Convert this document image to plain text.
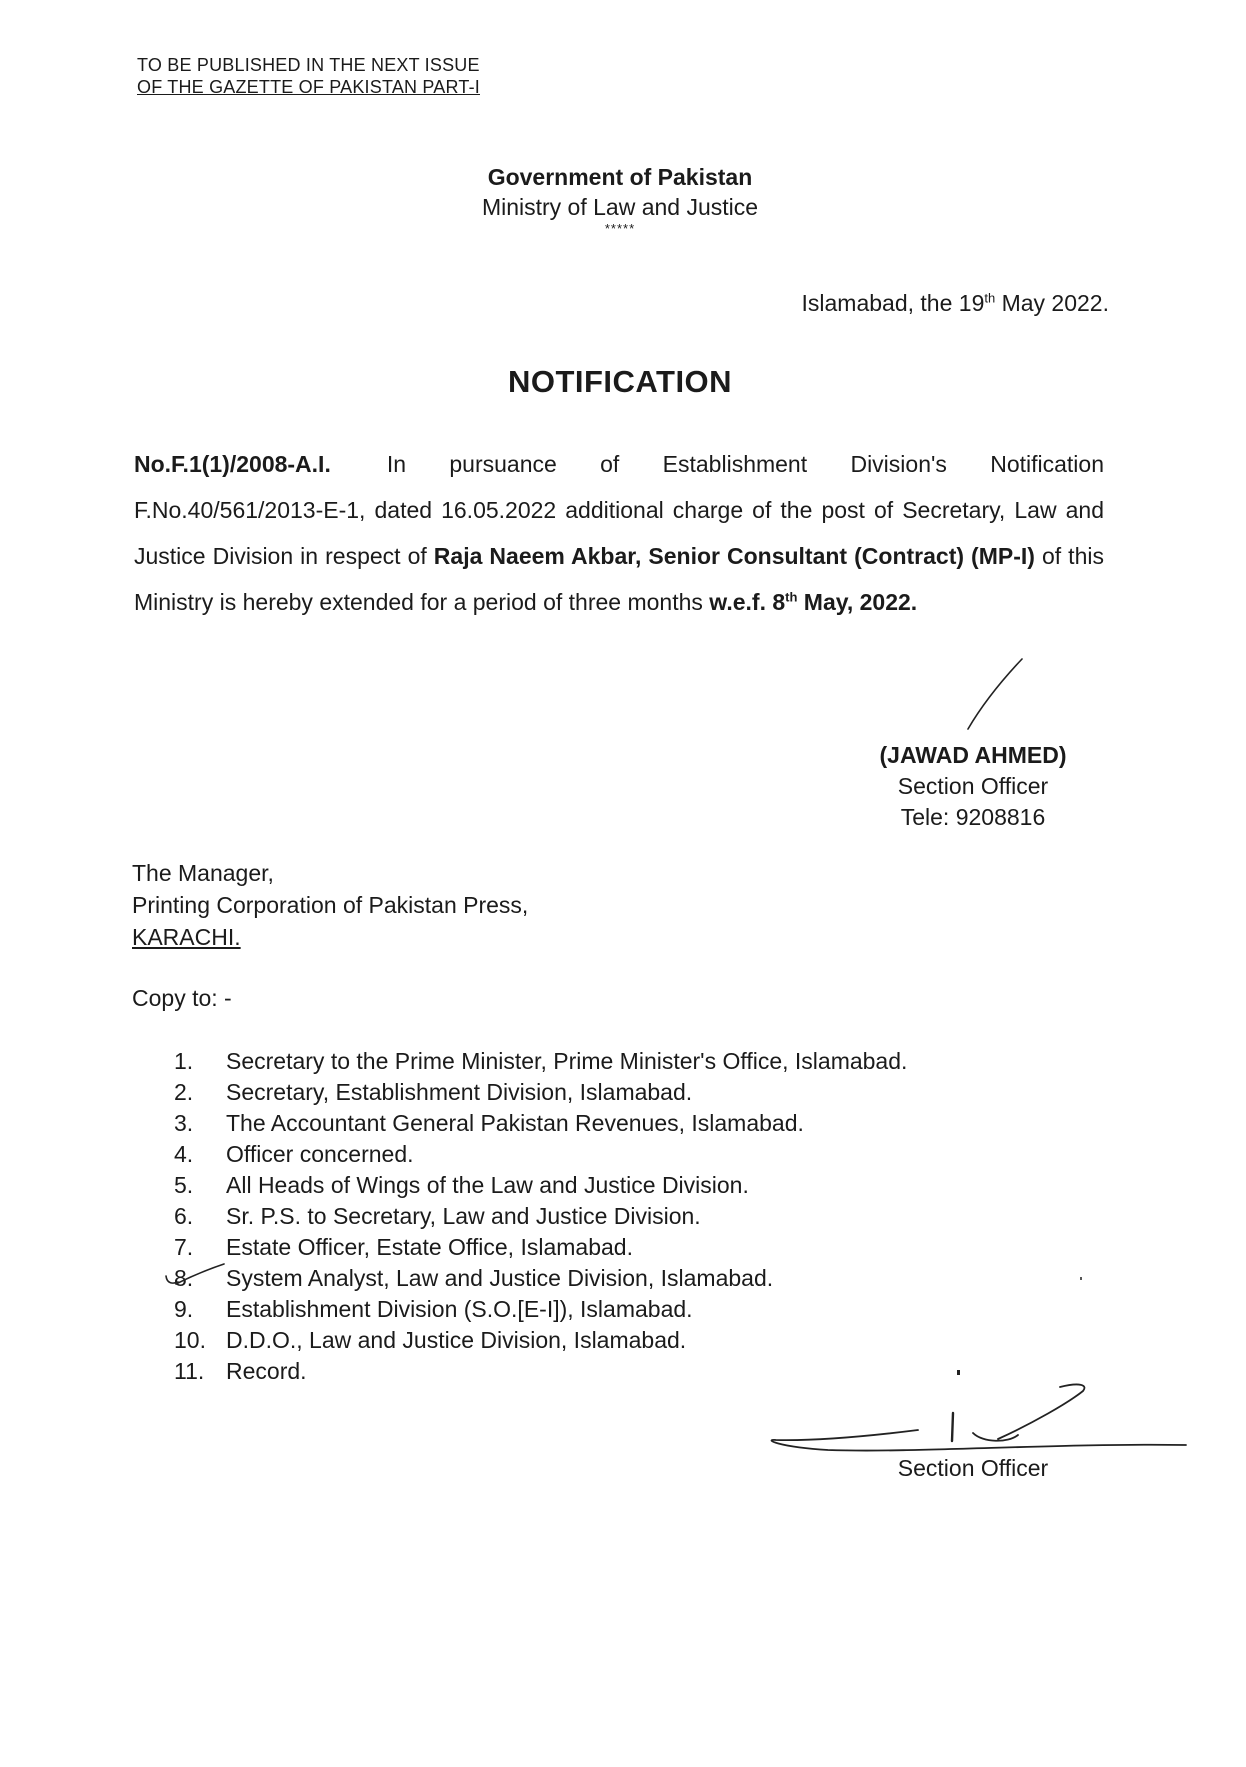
TO BE PUBLISHED IN THE NEXT ISSUE
OF THE GAZETTE OF PAKISTAN PART-I
Government of Pakistan
Ministry of Law and Justice
*****
Islamabad, the 19th May 2022.
NOTIFICATION
No.F.1(1)/2008-A.I. In pursuance of Establishment Division's Notification F.No.40/561/2013-E-1, dated 16.05.2022 additional charge of the post of Secretary, Law and Justice Division in respect of Raja Naeem Akbar, Senior Consultant (Contract) (MP-I) of this Ministry is hereby extended for a period of three months w.e.f. 8th May, 2022.
(JAWAD AHMED)
Section Officer
Tele: 9208816
The Manager,
Printing Corporation of Pakistan Press,
KARACHI.
Copy to: -
1.	Secretary to the Prime Minister, Prime Minister's Office, Islamabad.
2.	Secretary, Establishment Division, Islamabad.
3.	The Accountant General Pakistan Revenues, Islamabad.
4.	Officer concerned.
5.	All Heads of Wings of the Law and Justice Division.
6.	Sr. P.S. to Secretary, Law and Justice Division.
7.	Estate Officer, Estate Office, Islamabad.
8.	System Analyst, Law and Justice Division, Islamabad.
9.	Establishment Division (S.O.[E-I]), Islamabad.
10. D.D.O., Law and Justice Division, Islamabad.
11. Record.
Section Officer
